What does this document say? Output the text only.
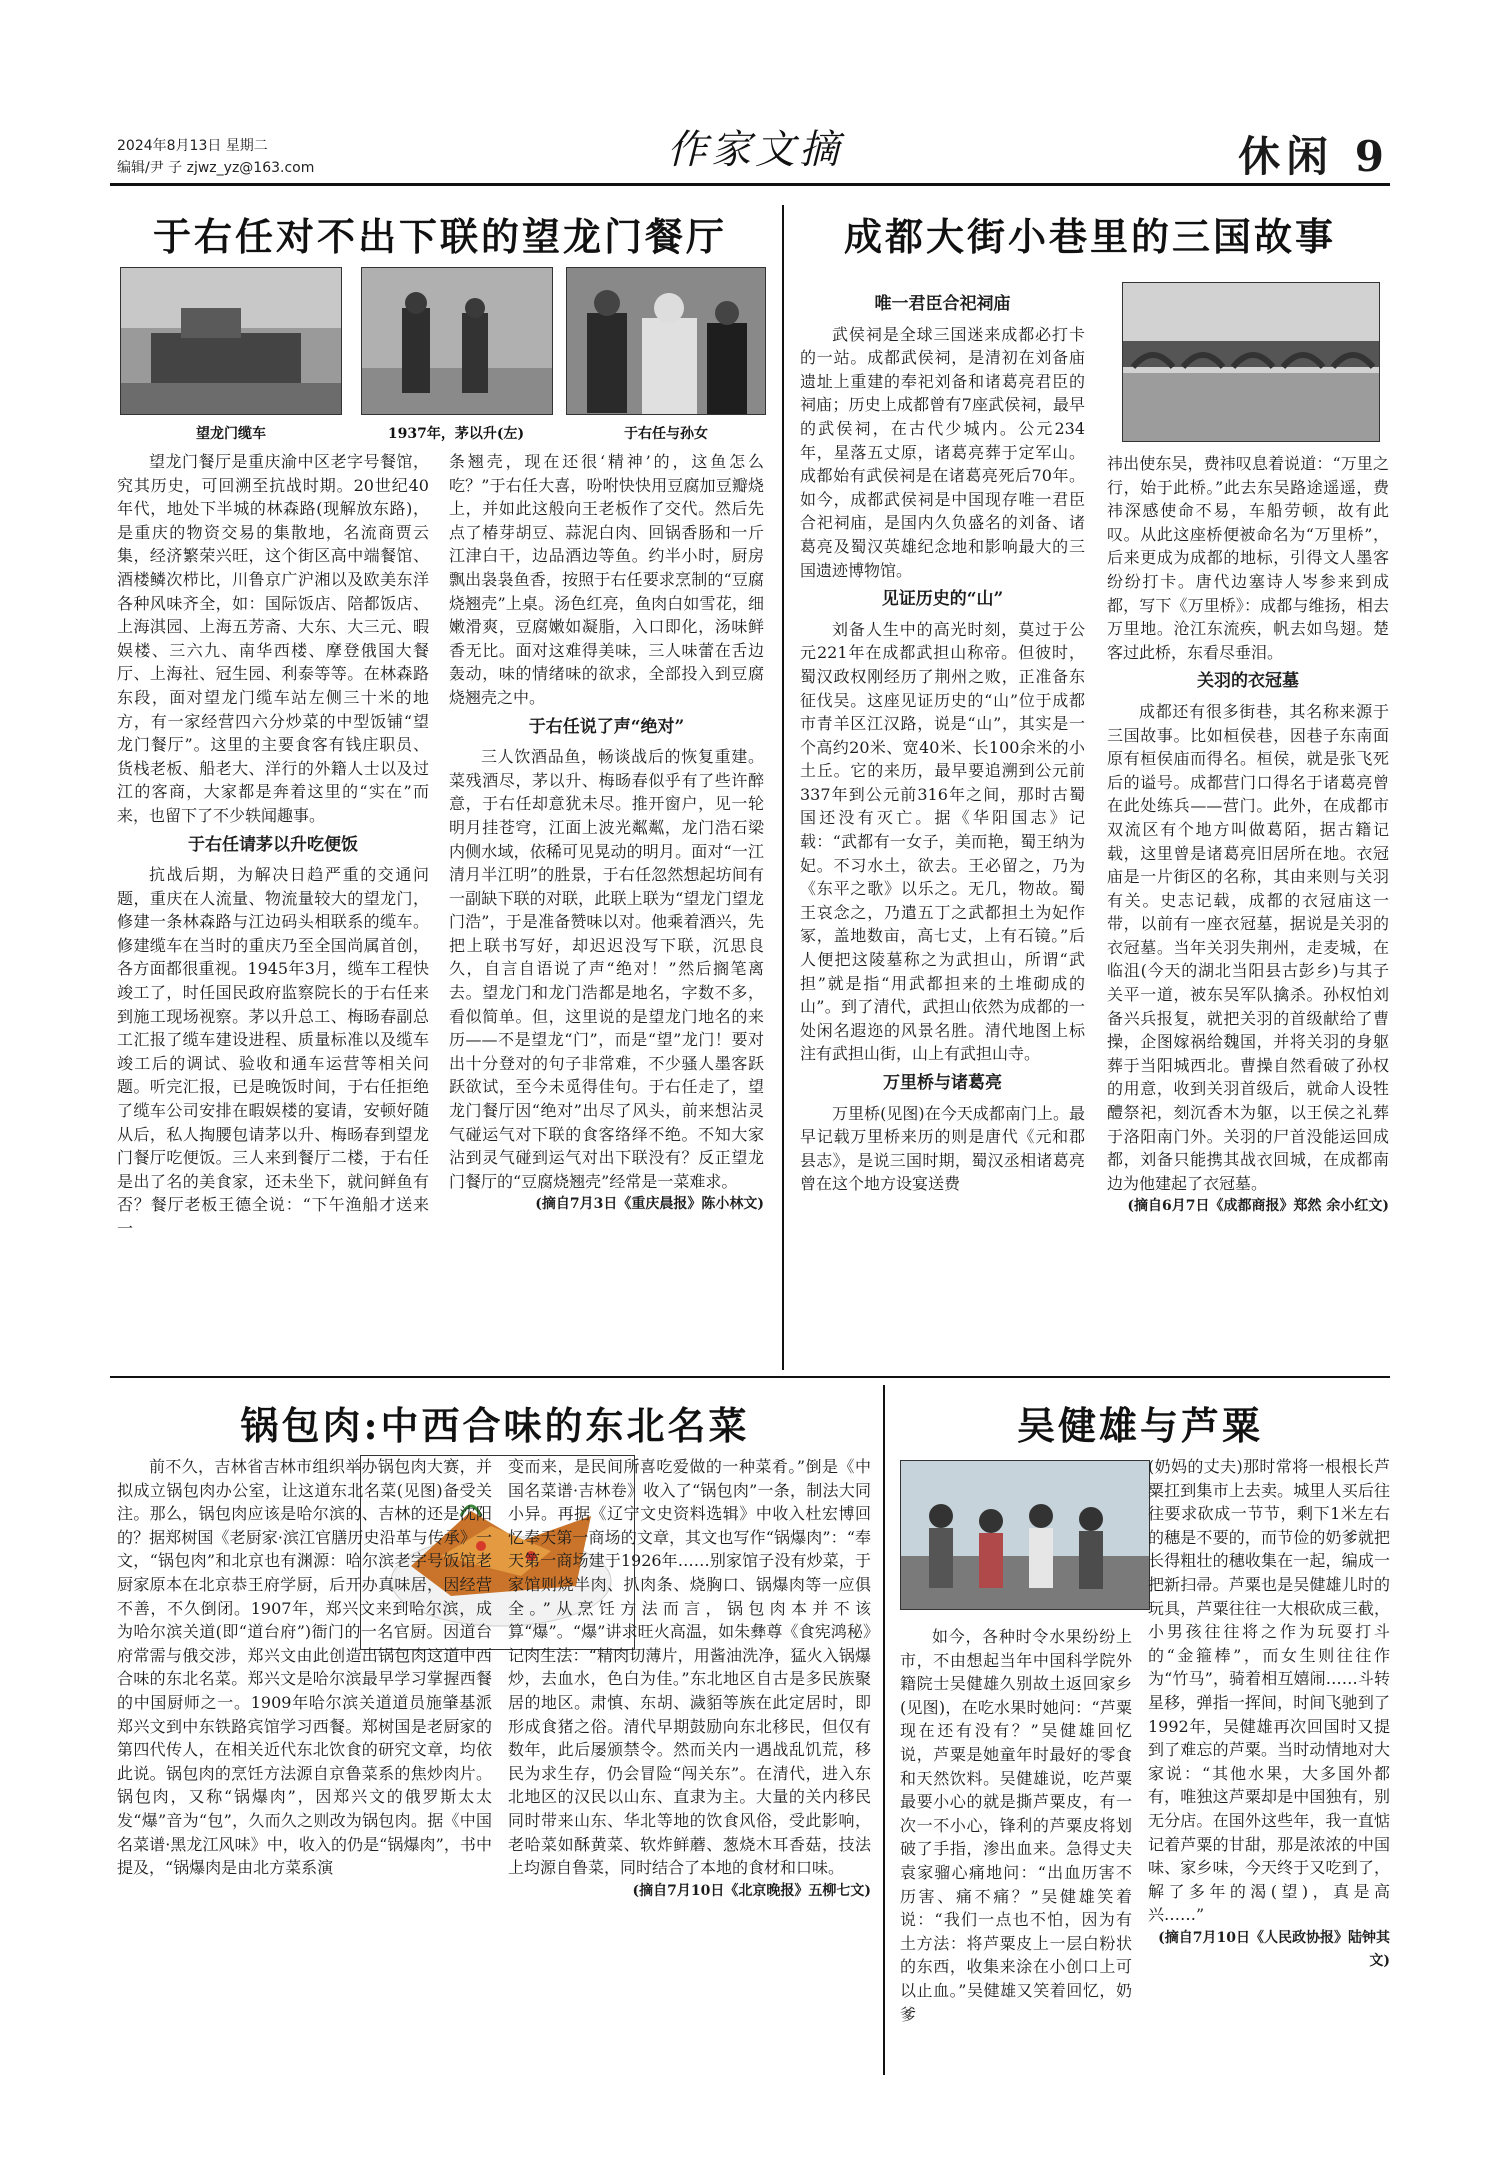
2024年8月13日 星期二
编辑/尹 子 zjwz_yz@163.com	作家文摘	休闲 9
于右任对不出下联的望龙门餐厅
望龙门缆车	1937年，茅以升(左)	于右任与孙女

望龙门餐厅是重庆渝中区老字号餐馆，究其历史，可回溯至抗战时期。20世纪40年代，地处下半城的林森路(现解放东路)，是重庆的物资交易的集散地，名流商贾云集，经济繁荣兴旺，这个街区高中端餐馆、酒楼鳞次栉比，川鲁京广沪湘以及欧美东洋各种风味齐全，如：国际饭店、陪都饭店、上海淇园、上海五芳斋、大东、大三元、暇娱楼、三六九、南华西楼、摩登俄国大餐厅、上海社、冠生园、利泰等等。在林森路东段，面对望龙门缆车站左侧三十米的地方，有一家经营四六分炒菜的中型饭铺“望龙门餐厅”。这里的主要食客有钱庄职员、货栈老板、船老大、洋行的外籍人士以及过江的客商，大家都是奔着这里的“实在”而来，也留下了不少轶闻趣事。

于右任请茅以升吃便饭

抗战后期，为解决日趋严重的交通问题，重庆在人流量、物流量较大的望龙门，修建一条林森路与江边码头相联系的缆车。修建缆车在当时的重庆乃至全国尚属首创，各方面都很重视。1945年3月，缆车工程快竣工了，时任国民政府监察院长的于右任来到施工现场视察。茅以升总工、梅旸春副总工汇报了缆车建设进程、质量标准以及缆车竣工后的调试、验收和通车运营等相关问题。听完汇报，已是晚饭时间，于右任拒绝了缆车公司安排在暇娱楼的宴请，安顿好随从后，私人掏腰包请茅以升、梅旸春到望龙门餐厅吃便饭。三人来到餐厅二楼，于右任是出了名的美食家，还未坐下，就问鲜鱼有否？餐厅老板王德全说：“下午渔船才送来一

条翘壳，现在还很‘精神’的，这鱼怎么吃？”于右任大喜，吩咐快快用豆腐加豆瓣烧上，并如此这般向王老板作了交代。然后先点了椿芽胡豆、蒜泥白肉、回锅香肠和一斤江津白干，边品酒边等鱼。约半小时，厨房飘出袅袅鱼香，按照于右任要求烹制的“豆腐烧翘壳”上桌。汤色红亮，鱼肉白如雪花，细嫩滑爽，豆腐嫩如凝脂，入口即化，汤味鲜香无比。面对这难得美味，三人味蕾在舌边轰动，味的情绪味的欲求，全部投入到豆腐烧翘壳之中。

于右任说了声“绝对”

三人饮酒品鱼，畅谈战后的恢复重建。菜残酒尽，茅以升、梅旸春似乎有了些许醉意，于右任却意犹未尽。推开窗户，见一轮明月挂苍穹，江面上波光粼粼，龙门浩石梁内侧水域，依稀可见晃动的明月。面对“一江清月半江明”的胜景，于右任忽然想起坊间有一副缺下联的对联，此联上联为“望龙门望龙门浩”，于是准备赞味以对。他乘着酒兴，先把上联书写好，却迟迟没写下联，沉思良久，自言自语说了声“绝对！”然后搁笔离去。望龙门和龙门浩都是地名，字数不多，看似简单。但，这里说的是望龙门地名的来历——不是望龙“门”，而是“望”龙门！要对出十分登对的句子非常难，不少骚人墨客跃跃欲试，至今未觅得佳句。于右任走了，望龙门餐厅因“绝对”出尽了风头，前来想沾灵气碰运气对下联的食客络绎不绝。不知大家沾到灵气碰到运气对出下联没有？反正望龙门餐厅的“豆腐烧翘壳”经常是一菜难求。

(摘自7月3日《重庆晨报》陈小林文)

成都大街小巷里的三国故事

唯一君臣合祀祠庙

武侯祠是全球三国迷来成都必打卡的一站。成都武侯祠，是清初在刘备庙遗址上重建的奉祀刘备和诸葛亮君臣的祠庙；历史上成都曾有7座武侯祠，最早的武侯祠，在古代少城内。公元234年，星落五丈原，诸葛亮葬于定军山。成都始有武侯祠是在诸葛亮死后70年。如今，成都武侯祠是中国现存唯一君臣合祀祠庙，是国内久负盛名的刘备、诸葛亮及蜀汉英雄纪念地和影响最大的三国遗迹博物馆。

见证历史的“山”

刘备人生中的高光时刻，莫过于公元221年在成都武担山称帝。但彼时，蜀汉政权刚经历了荆州之败，正准备东征伐吴。这座见证历史的“山”位于成都市青羊区江汉路，说是“山”，其实是一个高约20米、宽40米、长100余米的小土丘。它的来历，最早要追溯到公元前337年到公元前316年之间，那时古蜀国还没有灭亡。据《华阳国志》记载：“武都有一女子，美而艳，蜀王纳为妃。不习水土，欲去。王必留之，乃为《东平之歌》以乐之。无几，物故。蜀王哀念之，乃遣五丁之武都担土为妃作冢，盖地数亩，高七丈，上有石镜。”后人便把这陵墓称之为武担山，所谓“武担”就是指“用武都担来的土堆砌成的山”。到了清代，武担山依然为成都的一处闲名遐迩的风景名胜。清代地图上标注有武担山街，山上有武担山寺。

万里桥与诸葛亮

万里桥(见图)在今天成都南门上。最早记载万里桥来历的则是唐代《元和郡县志》，是说三国时期，蜀汉丞相诸葛亮曾在这个地方设宴送费

祎出使东吴，费祎叹息着说道：“万里之行，始于此桥。”此去东吴路途遥遥，费祎深感使命不易，车船劳顿，故有此叹。从此这座桥便被命名为“万里桥”，后来更成为成都的地标，引得文人墨客纷纷打卡。唐代边塞诗人岑参来到成都，写下《万里桥》：成都与维扬，相去万里地。沧江东流疾，帆去如鸟翅。楚客过此桥，东看尽垂泪。

关羽的衣冠墓

成都还有很多街巷，其名称来源于三国故事。比如桓侯巷，因巷子东南面原有桓侯庙而得名。桓侯，就是张飞死后的谥号。成都营门口得名于诸葛亮曾在此处练兵——营门。此外，在成都市双流区有个地方叫做葛陌，据古籍记载，这里曾是诸葛亮旧居所在地。衣冠庙是一片街区的名称，其由来则与关羽有关。史志记载，成都的衣冠庙这一带，以前有一座衣冠墓，据说是关羽的衣冠墓。当年关羽失荆州，走麦城，在临沮(今天的湖北当阳县古彭乡)与其子关平一道，被东吴军队擒杀。孙权怕刘备兴兵报复，就把关羽的首级献给了曹操，企图嫁祸给魏国，并将关羽的身躯葬于当阳城西北。曹操自然看破了孙权的用意，收到关羽首级后，就命人设牲醴祭祀，刻沉香木为躯，以王侯之礼葬于洛阳南门外。关羽的尸首没能运回成都，刘备只能携其战衣回城，在成都南边为他建起了衣冠墓。

(摘自6月7日《成都商报》郑然 余小红文)

锅包肉:中西合味的东北名菜

前不久，吉林省吉林市组织举办锅包肉大赛，并拟成立锅包肉办公室，让这道东北名菜(见图)备受关注。那么，锅包肉应该是哈尔滨的、吉林的还是沈阳的？据郑树国《老厨家·滨江官膳历史沿革与传承》一文，“锅包肉”和北京也有渊源：哈尔滨老字号饭馆老厨家原本在北京恭王府学厨，后开办真味居，因经营不善，不久倒闭。1907年，郑兴文来到哈尔滨，成为哈尔滨关道(即“道台府”)衙门的一名官厨。因道台府常需与俄交涉，郑兴文由此创造出锅包肉这道中西合味的东北名菜。郑兴文是哈尔滨最早学习掌握西餐的中国厨师之一。1909年哈尔滨关道道员施肇基派郑兴文到中东铁路宾馆学习西餐。郑树国是老厨家的第四代传人，在相关近代东北饮食的研究文章，均依此说。锅包肉的烹饪方法源自京鲁菜系的焦炒肉片。锅包肉，又称“锅爆肉”，因郑兴文的俄罗斯太太发“爆”音为“包”，久而久之则改为锅包肉。据《中国名菜谱·黑龙江风味》中，收入的仍是“锅爆肉”，书中提及，“锅爆肉是由北方菜系演

变而来，是民间所喜吃爱做的一种菜肴。”倒是《中国名菜谱·吉林卷》收入了“锅包肉”一条，制法大同小异。再据《辽宁文史资料选辑》中收入杜宏博回忆奉天第一商场的文章，其文也写作“锅爆肉”：“奉天第一商场建于1926年……别家馆子没有炒菜，于家馆则烧半肉、扒肉条、烧胸口、锅爆肉等一应俱全。”从烹饪方法而言，锅包肉本并不该算“爆”。“爆”讲求旺火高温，如朱彝尊《食宪鸿秘》记肉生法：“精肉切薄片，用酱油洗净，猛火入锅爆炒，去血水，色白为佳。”东北地区自古是多民族聚居的地区。肃慎、东胡、濊貊等族在此定居时，即形成食猪之俗。清代早期鼓励向东北移民，但仅有数年，此后屡颁禁令。然而关内一遇战乱饥荒，移民为求生存，仍会冒险“闯关东”。在清代，进入东北地区的汉民以山东、直隶为主。大量的关内移民同时带来山东、华北等地的饮食风俗，受此影响，老哈菜如酥黄菜、软炸鲜蘑、葱烧木耳香菇，技法上均源自鲁菜，同时结合了本地的食材和口味。

(摘自7月10日《北京晚报》五柳七文)

吴健雄与芦粟

如今，各种时令水果纷纷上市，不由想起当年中国科学院外籍院士吴健雄久别故土返回家乡(见图)，在吃水果时她问：“芦粟现在还有没有？”吴健雄回忆说，芦粟是她童年时最好的零食和天然饮料。吴健雄说，吃芦粟最要小心的就是撕芦粟皮，有一次一不小心，锋利的芦粟皮将划破了手指，渗出血来。急得丈夫袁家骝心痛地问：“出血历害不历害、痛不痛？”吴健雄笑着说：“我们一点也不怕，因为有土方法：将芦粟皮上一层白粉状的东西，收集来涂在小创口上可以止血。”吴健雄又笑着回忆，奶爹

(奶妈的丈夫)那时常将一根根长芦粟扛到集市上去卖。城里人买后往往要求砍成一节节，剩下1米左右的穗是不要的，而节俭的奶爹就把长得粗壮的穗收集在一起，编成一把新扫帚。芦粟也是吴健雄儿时的玩具，芦粟往往一大根砍成三截，小男孩往往将之作为玩耍打斗的“金箍棒”，而女生则往往作为“竹马”，骑着相互嬉闹……斗转星移，弹指一挥间，时间飞驰到了1992年，吴健雄再次回国时又提到了难忘的芦粟。当时动情地对大家说：“其他水果，大多国外都有，唯独这芦粟却是中国独有，别无分店。在国外这些年，我一直惦记着芦粟的甘甜，那是浓浓的中国味、家乡味，今天终于又吃到了，解了多年的渴(望)，真是高兴……”

(摘自7月10日《人民政协报》陆钟其文)
